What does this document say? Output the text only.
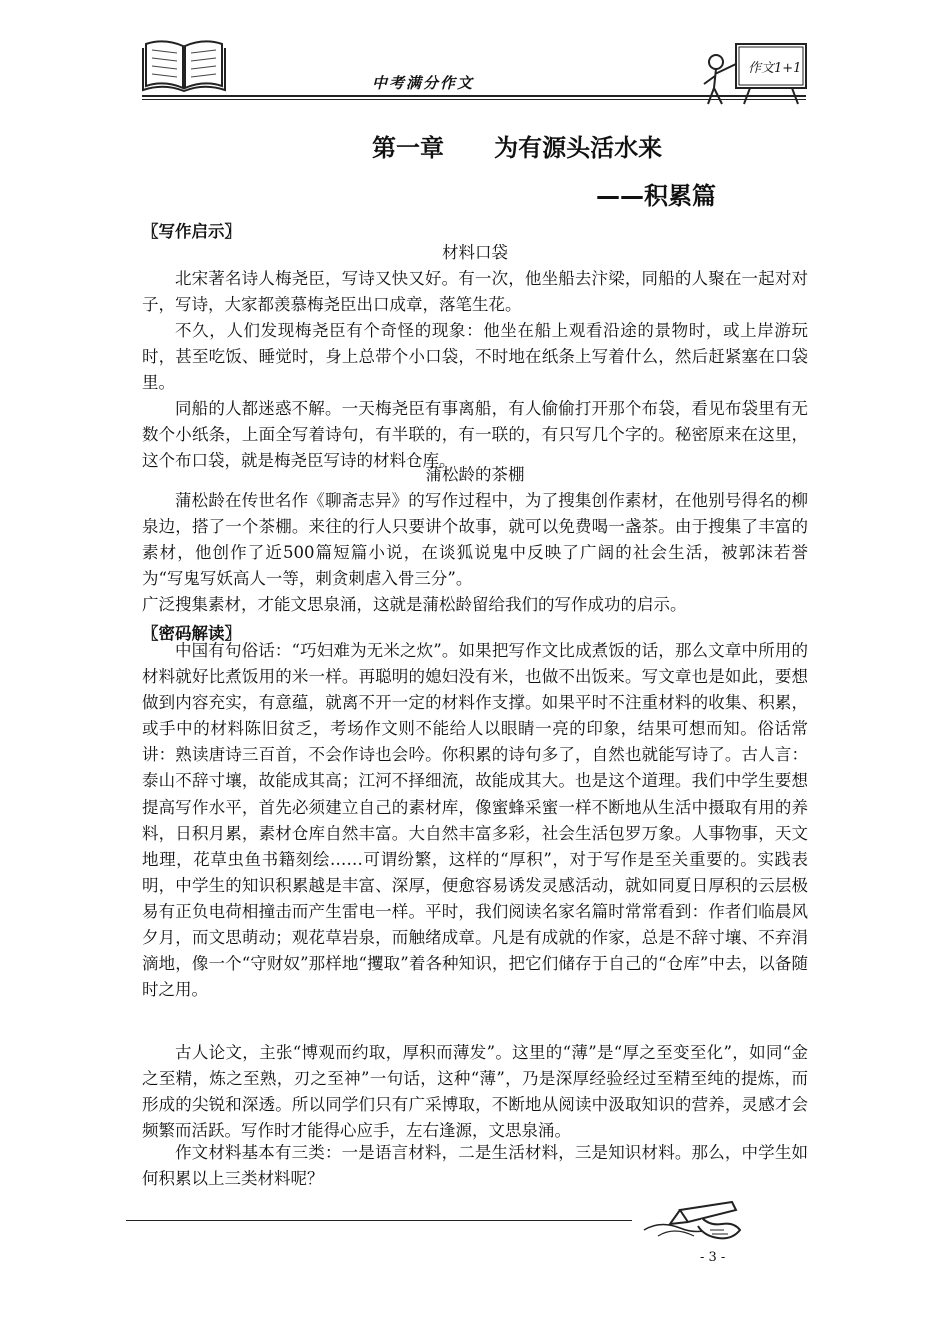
中考满分作文
作文1+1
第一章      为有源头活水来
——积累篇
〖写作启示〗
材料口袋
北宋著名诗人梅尧臣，写诗又快又好。有一次，他坐船去汴梁，同船的人聚在一起对对子，写诗，大家都羡慕梅尧臣出口成章，落笔生花。
不久，人们发现梅尧臣有个奇怪的现象：他坐在船上观看沿途的景物时，或上岸游玩时，甚至吃饭、睡觉时，身上总带个小口袋，不时地在纸条上写着什么，然后赶紧塞在口袋里。
同船的人都迷惑不解。一天梅尧臣有事离船，有人偷偷打开那个布袋，看见布袋里有无数个小纸条，上面全写着诗句，有半联的，有一联的，有只写几个字的。秘密原来在这里，这个布口袋，就是梅尧臣写诗的材料仓库。
蒲松龄的茶棚
蒲松龄在传世名作《聊斋志异》的写作过程中，为了搜集创作素材，在他别号得名的柳泉边，搭了一个茶棚。来往的行人只要讲个故事，就可以免费喝一盏茶。由于搜集了丰富的素材，他创作了近500篇短篇小说，在谈狐说鬼中反映了广阔的社会生活，被郭沫若誉为“写鬼写妖高人一等，刺贪刺虐入骨三分”。
广泛搜集素材，才能文思泉涌，这就是蒲松龄留给我们的写作成功的启示。
〖密码解读〗
中国有句俗话：“巧妇难为无米之炊”。如果把写作文比成煮饭的话，那么文章中所用的材料就好比煮饭用的米一样。再聪明的媳妇没有米，也做不出饭来。写文章也是如此，要想做到内容充实，有意蕴，就离不开一定的材料作支撑。如果平时不注重材料的收集、积累，或手中的材料陈旧贫乏，考场作文则不能给人以眼睛一亮的印象，结果可想而知。俗话常讲：熟读唐诗三百首，不会作诗也会吟。你积累的诗句多了，自然也就能写诗了。古人言：泰山不辞寸壤，故能成其高；江河不择细流，故能成其大。也是这个道理。我们中学生要想提高写作水平，首先必须建立自己的素材库，像蜜蜂采蜜一样不断地从生活中摄取有用的养料，日积月累，素材仓库自然丰富。大自然丰富多彩，社会生活包罗万象。人事物事，天文地理，花草虫鱼书籍刻绘……可谓纷繁，这样的“厚积”，对于写作是至关重要的。实践表明，中学生的知识积累越是丰富、深厚，便愈容易诱发灵感活动，就如同夏日厚积的云层极易有正负电荷相撞击而产生雷电一样。平时，我们阅读名家名篇时常常看到：作者们临晨风夕月，而文思萌动；观花草岩泉，而触绪成章。凡是有成就的作家，总是不辞寸壤、不弃涓滴地，像一个“守财奴”那样地“攫取”着各种知识，把它们储存于自己的“仓库”中去，以备随时之用。
古人论文，主张“博观而约取，厚积而薄发”。这里的“薄”是“厚之至变至化”，如同“金之至精，炼之至熟，刃之至神”一句话，这种“薄”，乃是深厚经验经过至精至纯的提炼，而形成的尖锐和深透。所以同学们只有广采博取，不断地从阅读中汲取知识的营养，灵感才会频繁而活跃。写作时才能得心应手，左右逢源，文思泉涌。
作文材料基本有三类：一是语言材料，二是生活材料，三是知识材料。那么，中学生如何积累以上三类材料呢？
- 3 -
